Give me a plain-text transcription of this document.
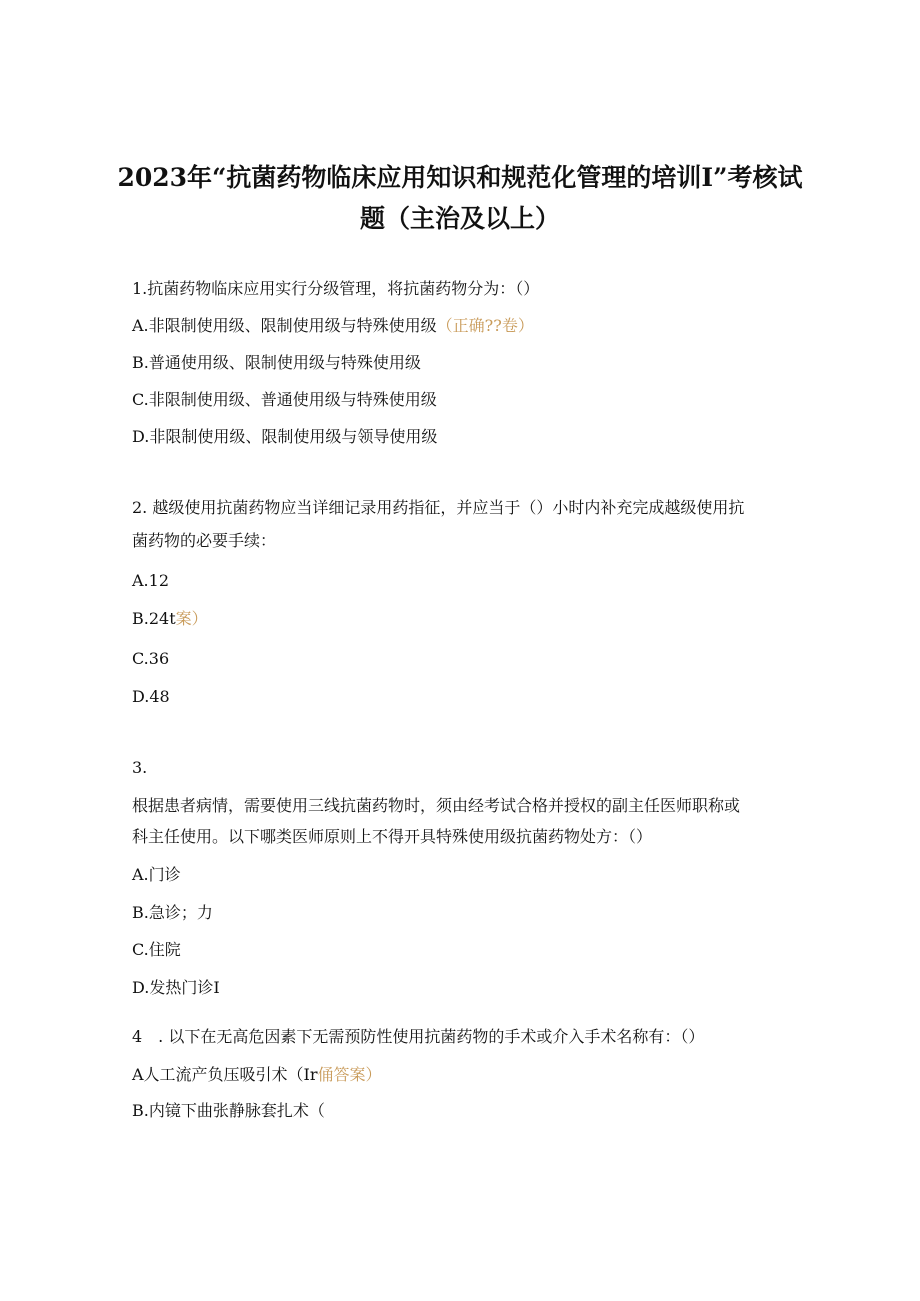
2023年“抗菌药物临床应用知识和规范化管理的培训I”考核试
题（主治及以上）
1.抗菌药物临床应用实行分级管理，将抗菌药物分为：（）
A.非限制使用级、限制使用级与特殊使用级（正确??卷）
B.普通使用级、限制使用级与特殊使用级
C.非限制使用级、普通使用级与特殊使用级
D.非限制使用级、限制使用级与领导使用级
2. 越级使用抗菌药物应当详细记录用药指征，并应当于（）小时内补充完成越级使用抗
菌药物的必要手续：
A.12
B.24t案）
C.36
D.48
3.
根据患者病情，需要使用三线抗菌药物时，须由经考试合格并授权的副主任医师职称或
科主任使用。以下哪类医师原则上不得开具特殊使用级抗菌药物处方：（）
A.门诊
B.急诊；力
C.住院
D.发热门诊I
4　. 以下在无高危因素下无需预防性使用抗菌药物的手术或介入手术名称有：（）
A人工流产负压吸引术（Ir俑答案）
B.内镜下曲张静脉套扎术（
